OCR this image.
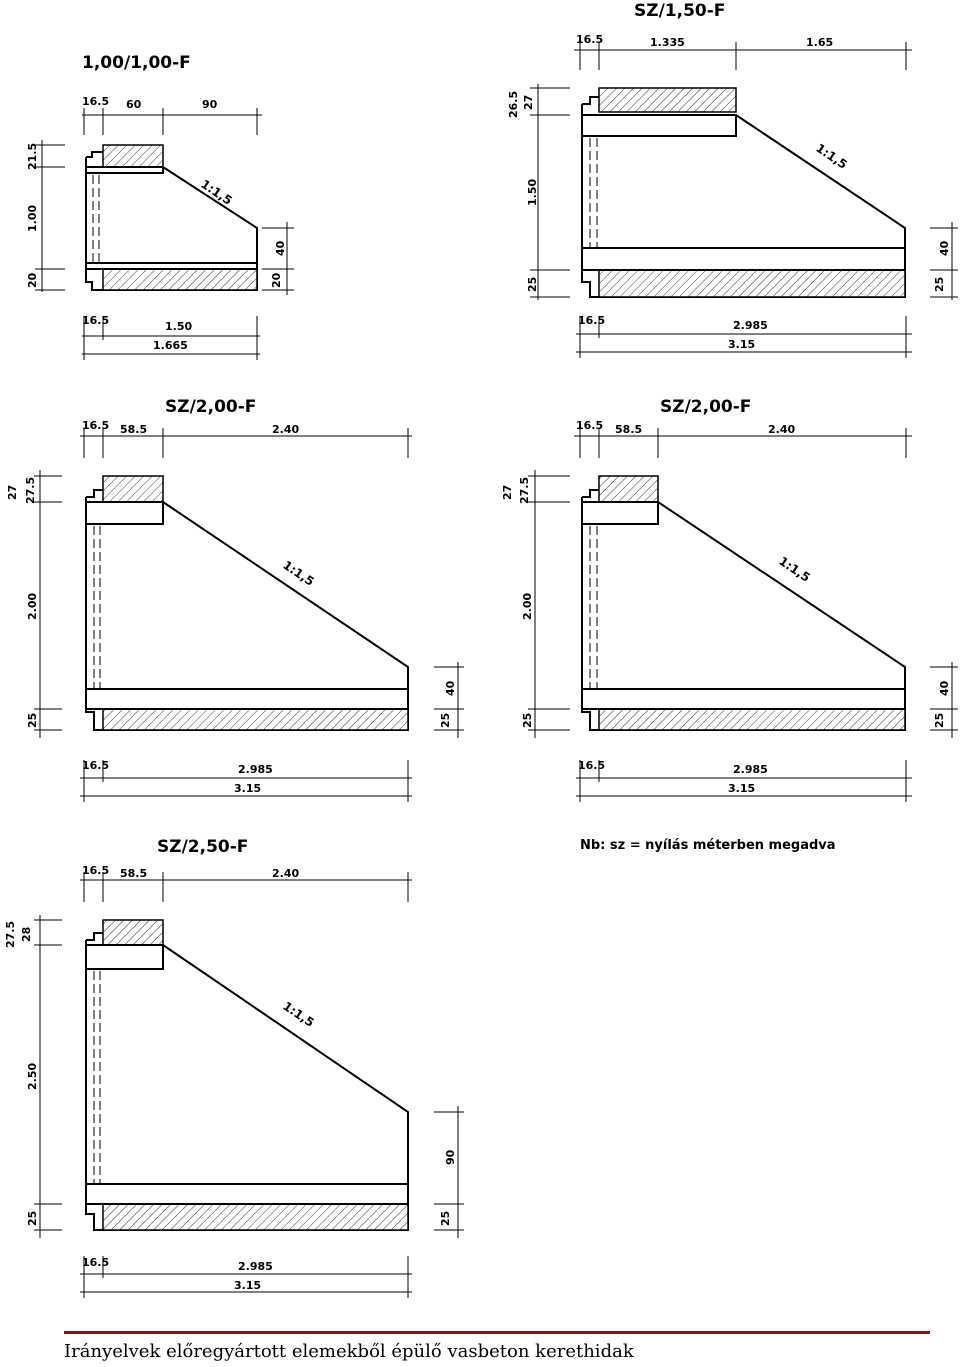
1,00/1,00-F
16.5 60	90
1:1,5
21.5
1.00
20
40
20
16.5	1.50
1.665
SZ/1,50-F
16.5	1.335	1.65
1:1,5
26.5 27
1.50
25
40
25
16.5	2.985
3.15
SZ/2,00-F
16.5 58.5	2.40
1:1,5
27 27.5
2.00
25
40
25
16.5	2.985
3.15
SZ/2,00-F
16.5 58.5	2.40
1:1,5
27 27.5
2.00
25
40
25
16.5	2.985
3.15
Nb: sz = nyílás méterben megadva
SZ/2,50-F
16.5 58.5	2.40
1:1,5
27.5 28
2.50
25
90
25
16.5	2.985
3.15
Irányelvek előregyártott elemekből épülő vasbeton kerethidak
